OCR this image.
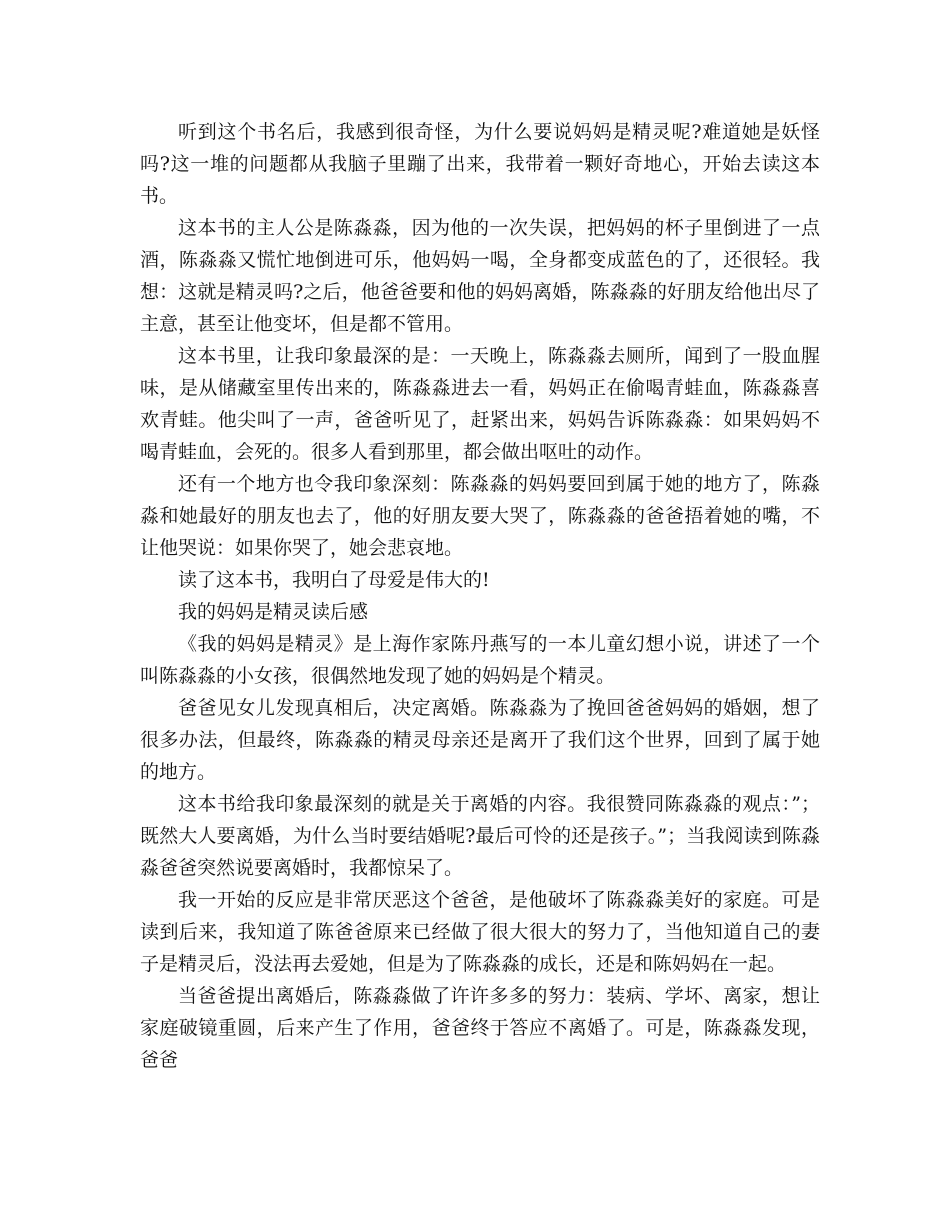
听到这个书名后，我感到很奇怪，为什么要说妈妈是精灵呢?难道她是妖怪吗?这一堆的问题都从我脑子里蹦了出来，我带着一颗好奇地心，开始去读这本书。

这本书的主人公是陈淼淼，因为他的一次失误，把妈妈的杯子里倒进了一点酒，陈淼淼又慌忙地倒进可乐，他妈妈一喝，全身都变成蓝色的了，还很轻。我想：这就是精灵吗?之后，他爸爸要和他的妈妈离婚，陈淼淼的好朋友给他出尽了主意，甚至让他变坏，但是都不管用。

这本书里，让我印象最深的是：一天晚上，陈淼淼去厕所，闻到了一股血腥味，是从储藏室里传出来的，陈淼淼进去一看，妈妈正在偷喝青蛙血，陈淼淼喜欢青蛙。他尖叫了一声，爸爸听见了，赶紧出来，妈妈告诉陈淼淼：如果妈妈不喝青蛙血，会死的。很多人看到那里，都会做出呕吐的动作。

还有一个地方也令我印象深刻：陈淼淼的妈妈要回到属于她的地方了，陈淼淼和她最好的朋友也去了，他的好朋友要大哭了，陈淼淼的爸爸捂着她的嘴，不让他哭说：如果你哭了，她会悲哀地。

读了这本书，我明白了母爱是伟大的!

我的妈妈是精灵读后感

《我的妈妈是精灵》是上海作家陈丹燕写的一本儿童幻想小说，讲述了一个叫陈淼淼的小女孩，很偶然地发现了她的妈妈是个精灵。

爸爸见女儿发现真相后，决定离婚。陈淼淼为了挽回爸爸妈妈的婚姻，想了很多办法，但最终，陈淼淼的精灵母亲还是离开了我们这个世界，回到了属于她的地方。

这本书给我印象最深刻的就是关于离婚的内容。我很赞同陈淼淼的观点：”；既然大人要离婚，为什么当时要结婚呢?最后可怜的还是孩子。”；当我阅读到陈淼淼爸爸突然说要离婚时，我都惊呆了。

我一开始的反应是非常厌恶这个爸爸，是他破坏了陈淼淼美好的家庭。可是读到后来，我知道了陈爸爸原来已经做了很大很大的努力了，当他知道自己的妻子是精灵后，没法再去爱她，但是为了陈淼淼的成长，还是和陈妈妈在一起。

当爸爸提出离婚后，陈淼淼做了许许多多的努力：装病、学坏、离家，想让家庭破镜重圆，后来产生了作用，爸爸终于答应不离婚了。可是，陈淼淼发现，爸爸
